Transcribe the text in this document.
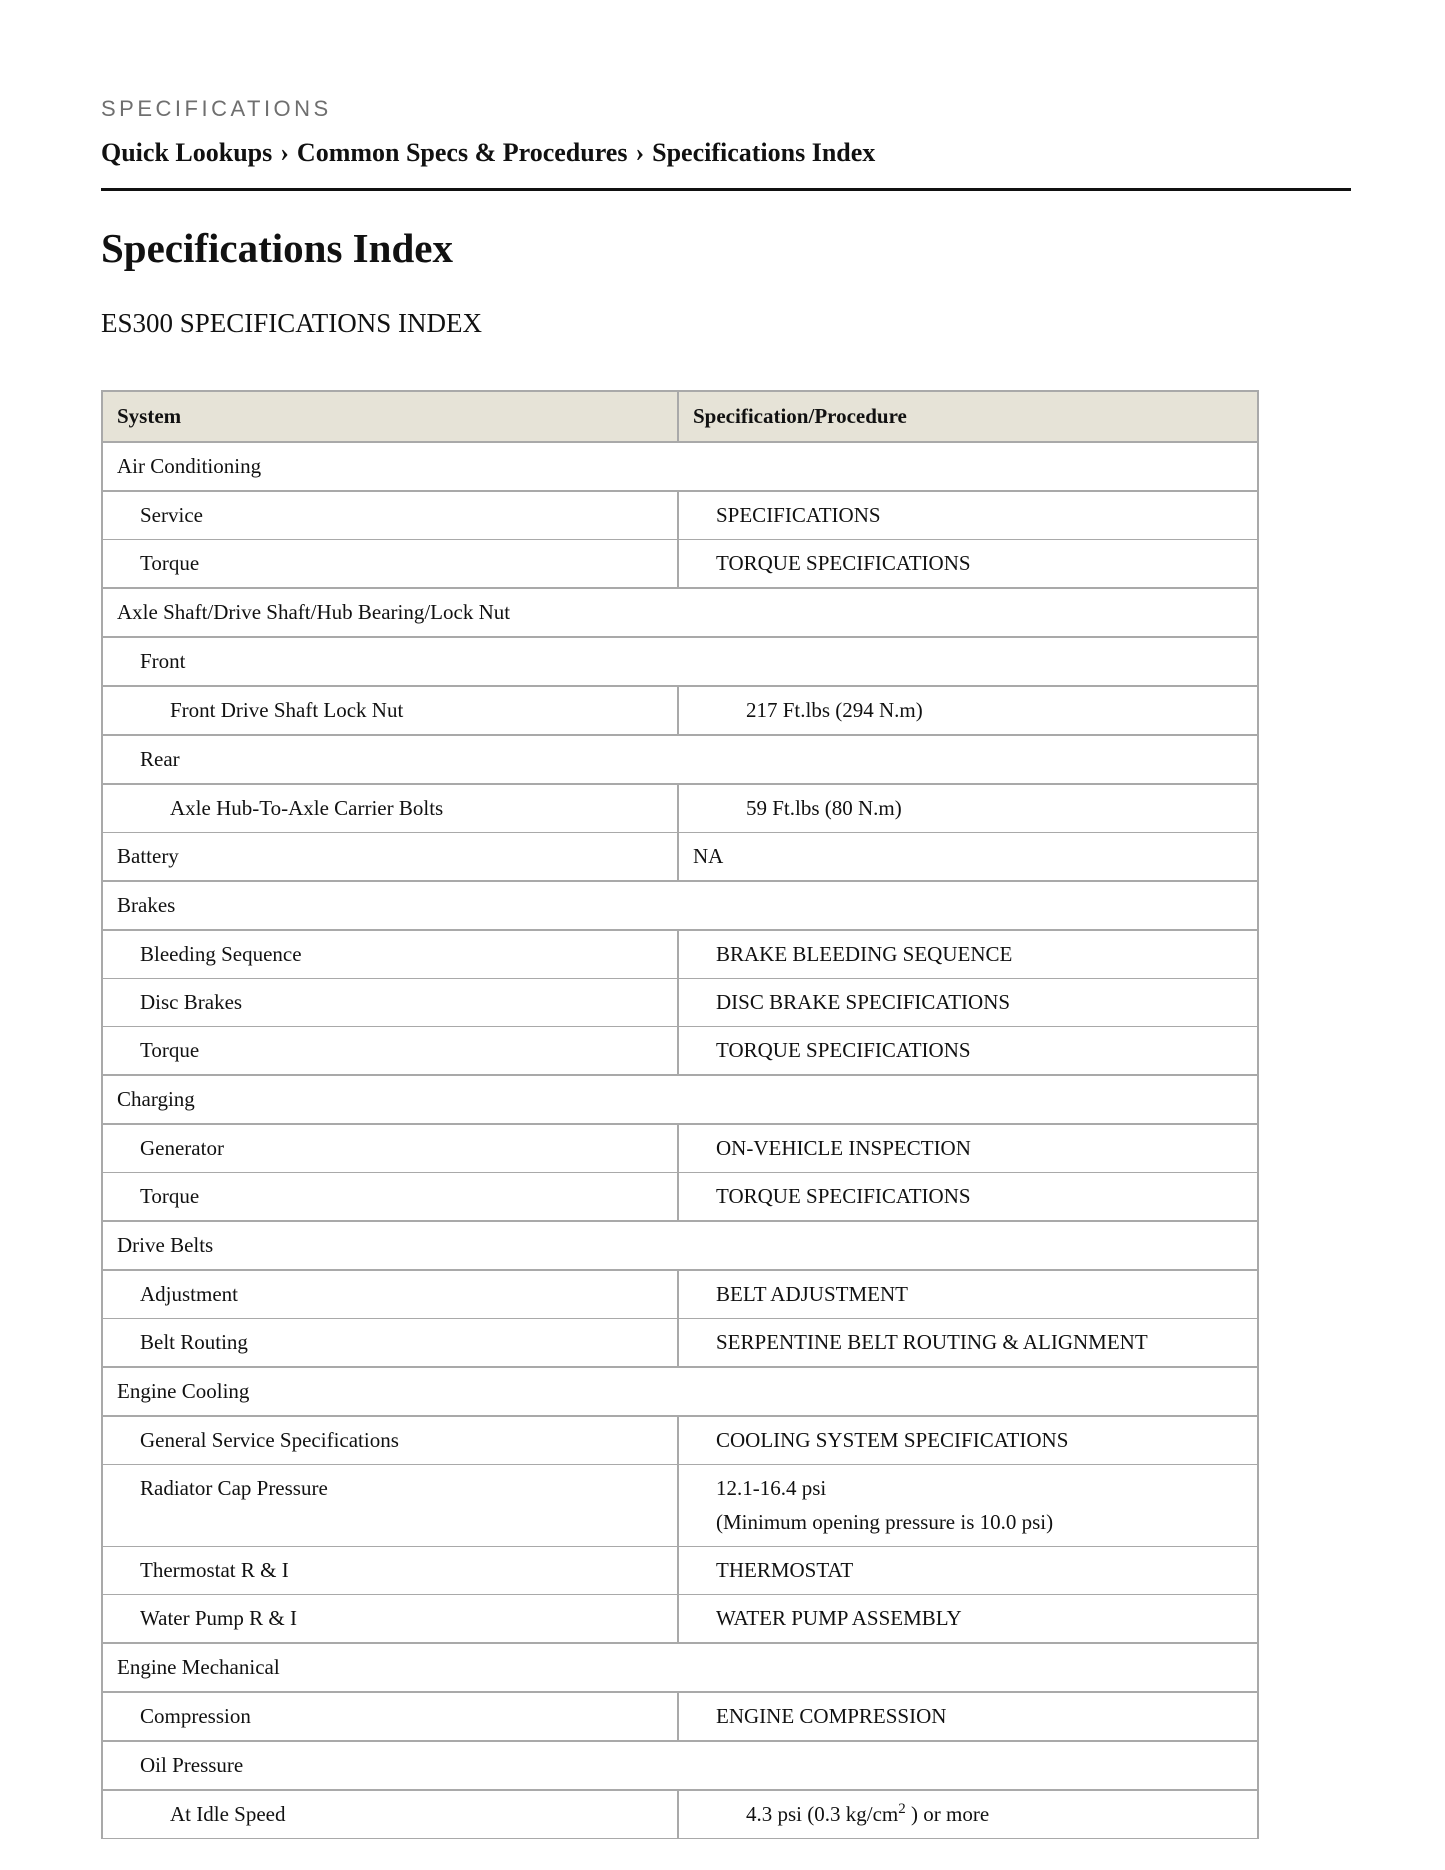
SPECIFICATIONS
Quick Lookups › Common Specs & Procedures › Specifications Index
Specifications Index
ES300 SPECIFICATIONS INDEX
System	Specification/Procedure
Air Conditioning	
Service	SPECIFICATIONS
Torque	TORQUE SPECIFICATIONS
Axle Shaft/Drive Shaft/Hub Bearing/Lock Nut	
Front	
Front Drive Shaft Lock Nut	217 Ft.lbs (294 N.m)
Rear	
Axle Hub-To-Axle Carrier Bolts	59 Ft.lbs (80 N.m)
Battery	NA
Brakes	
Bleeding Sequence	BRAKE BLEEDING SEQUENCE
Disc Brakes	DISC BRAKE SPECIFICATIONS
Torque	TORQUE SPECIFICATIONS
Charging	
Generator	ON-VEHICLE INSPECTION
Torque	TORQUE SPECIFICATIONS
Drive Belts	
Adjustment	BELT ADJUSTMENT
Belt Routing	SERPENTINE BELT ROUTING & ALIGNMENT
Engine Cooling	
General Service Specifications	COOLING SYSTEM SPECIFICATIONS
Radiator Cap Pressure	12.1-16.4 psi
(Minimum opening pressure is 10.0 psi)

Thermostat R & I	THERMOSTAT
Water Pump R & I	WATER PUMP ASSEMBLY
Engine Mechanical	
Compression	ENGINE COMPRESSION
Oil Pressure	
At Idle Speed	4.3 psi (0.3 $kg/cm^2$ ) or more
